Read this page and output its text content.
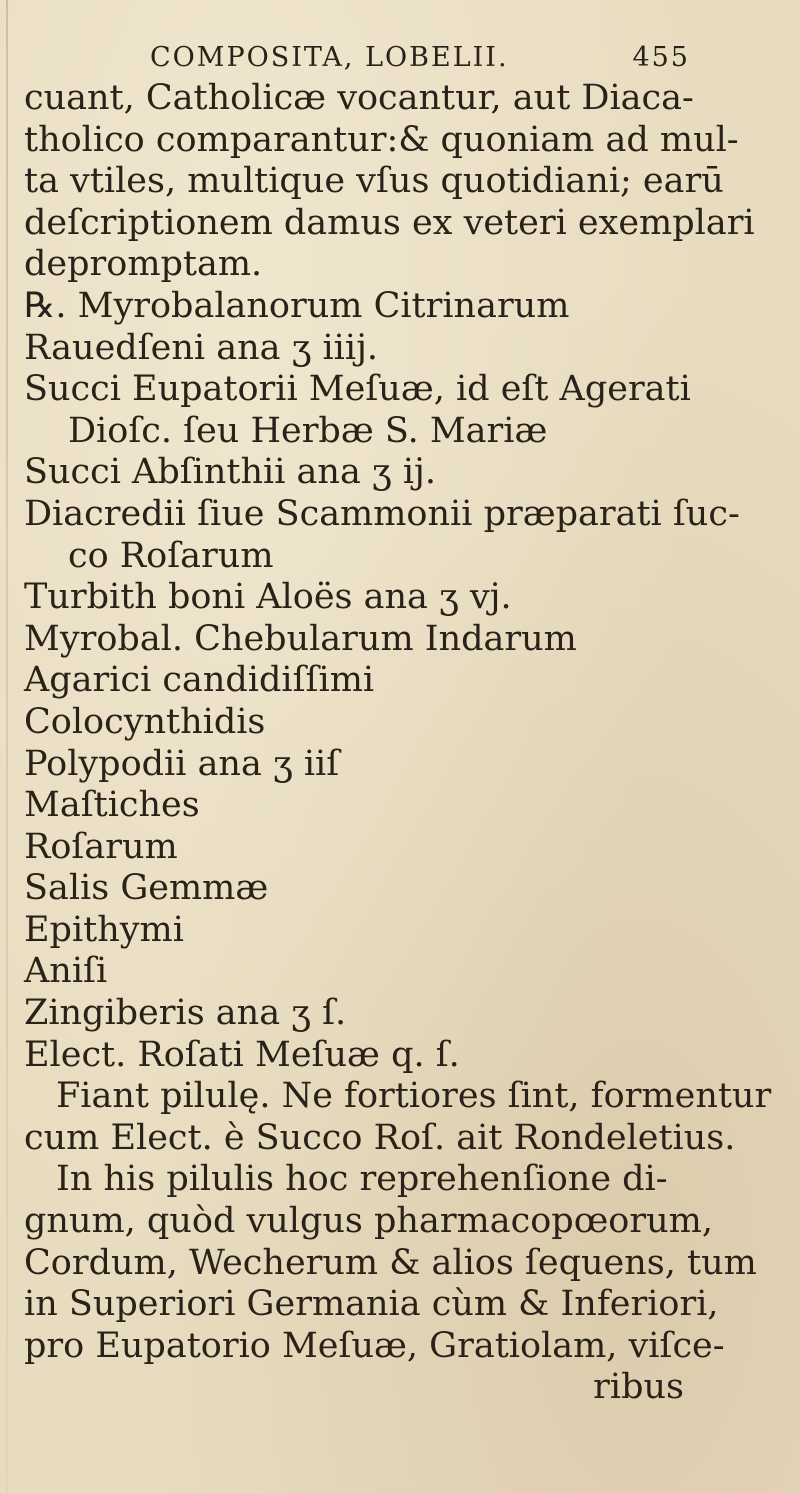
COMPOSITA, LOBELII.	455
cuant, Catholicæ vocantur, aut Diaca-
tholico comparantur:& quoniam ad mul-
ta vtiles, multique vſus quotidiani; earū
deſcriptionem damus ex veteri exemplari
depromptam.
℞. Myrobalanorum Citrinarum
Rauedſeni ana ʒ iiij.
Succi Eupatorii Meſuæ, id eſt Agerati
Dioſc. ſeu Herbæ S. Mariæ
Succi Abſinthii ana ʒ ij.
Diacredii ſiue Scammonii præparati ſuc-
co Roſarum
Turbith boni Aloës ana ʒ vj.
Myrobal. Chebularum Indarum
Agarici candidiſſimi
Colocynthidis
Polypodii ana ʒ iiſ
Maſtiches
Roſarum
Salis Gemmæ
Epithymi
Aniſi
Zingiberis ana ʒ ſ.
Elect. Roſati Meſuæ q. ſ.
Fiant pilulę. Ne fortiores ſint, formentur
cum Elect. è Succo Roſ. ait Rondeletius.
In his pilulis hoc reprehenſione di-
gnum, quòd vulgus pharmacopœorum,
Cordum, Wecherum & alios ſequens, tum
in Superiori Germania cùm & Inferiori,
pro Eupatorio Meſuæ, Gratiolam, viſce-
ribus
